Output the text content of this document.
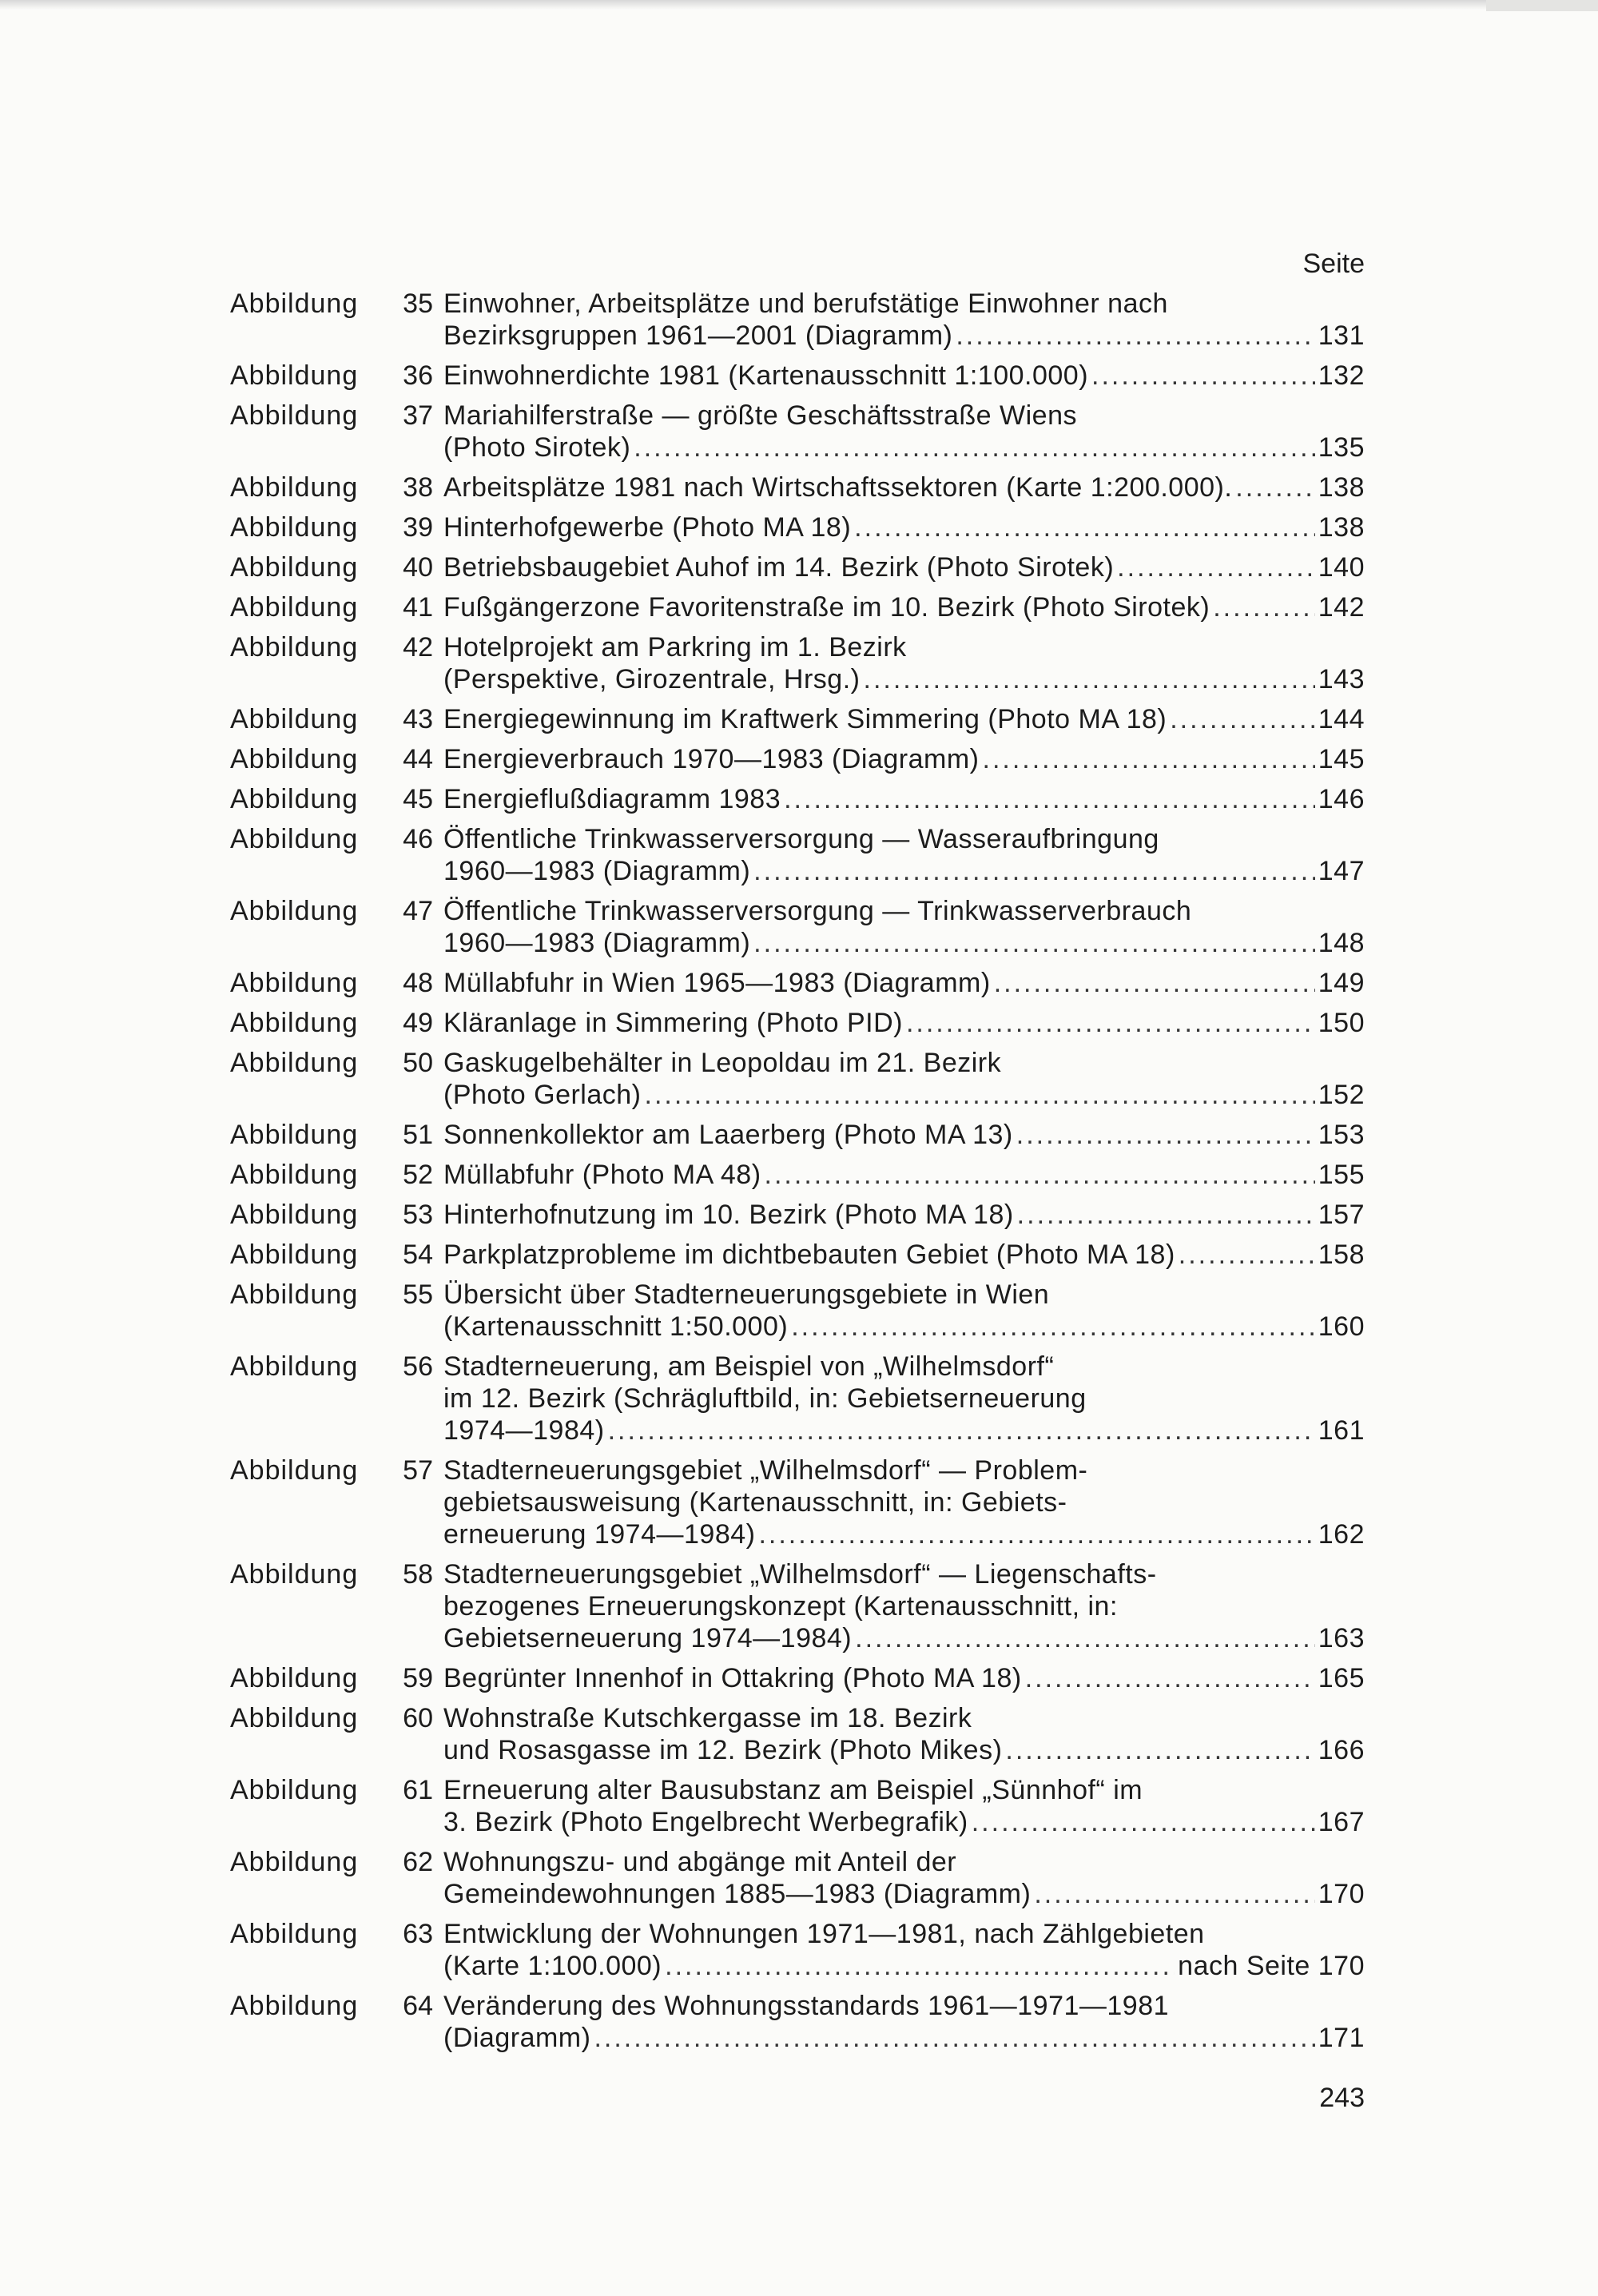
Seite
Abbildung	35 Einwohner, Arbeitsplätze und berufstätige Einwohner nach
Bezirksgruppen 1961—2001 (Diagramm) .....	131
Abbildung	36 Einwohnerdichte 1981 (Kartenausschnitt 1:100.000) .....	132
Abbildung	37 Mariahilferstraße — größte Geschäftsstraße Wiens
(Photo Sirotek) .....	135
Abbildung	38 Arbeitsplätze 1981 nach Wirtschaftssektoren (Karte 1:200.000). .....	138
Abbildung	39 Hinterhofgewerbe (Photo MA 18) .....	138
Abbildung	40 Betriebsbaugebiet Auhof im 14. Bezirk (Photo Sirotek) .....	140
Abbildung	41 Fußgängerzone Favoritenstraße im 10. Bezirk (Photo Sirotek) .....	142
Abbildung	42 Hotelprojekt am Parkring im 1. Bezirk
(Perspektive, Girozentrale, Hrsg.) .....	143
Abbildung	43 Energiegewinnung im Kraftwerk Simmering (Photo MA 18) .....	144
Abbildung	44 Energieverbrauch 1970—1983 (Diagramm) .....	145
Abbildung	45 Energieflußdiagramm 1983 .....	146
Abbildung	46 Öffentliche Trinkwasserversorgung — Wasseraufbringung
1960—1983 (Diagramm) .....	147
Abbildung	47 Öffentliche Trinkwasserversorgung — Trinkwasserverbrauch
1960—1983 (Diagramm) .....	148
Abbildung	48 Müllabfuhr in Wien 1965—1983 (Diagramm) .....	149
Abbildung	49 Kläranlage in Simmering (Photo PID) .....	150
Abbildung	50 Gaskugelbehälter in Leopoldau im 21. Bezirk
(Photo Gerlach) .....	152
Abbildung	51 Sonnenkollektor am Laaerberg (Photo MA 13) .....	153
Abbildung	52 Müllabfuhr (Photo MA 48) .....	155
Abbildung	53 Hinterhofnutzung im 10. Bezirk (Photo MA 18) .....	157
Abbildung	54 Parkplatzprobleme im dichtbebauten Gebiet (Photo MA 18) .....	158
Abbildung	55 Übersicht über Stadterneuerungsgebiete in Wien
(Kartenausschnitt 1:50.000) .....	160
Abbildung	56 Stadterneuerung, am Beispiel von „Wilhelmsdorf“
im 12. Bezirk (Schrägluftbild, in: Gebietserneuerung
1974—1984) .....	161
Abbildung	57 Stadterneuerungsgebiet „Wilhelmsdorf“ — Problem-
gebietsausweisung (Kartenausschnitt, in: Gebiets-
erneuerung 1974—1984) .....	162
Abbildung	58 Stadterneuerungsgebiet „Wilhelmsdorf“ — Liegenschafts-
bezogenes Erneuerungskonzept (Kartenausschnitt, in:
Gebietserneuerung 1974—1984) .....	163
Abbildung	59 Begrünter Innenhof in Ottakring (Photo MA 18) .....	165
Abbildung	60 Wohnstraße Kutschkergasse im 18. Bezirk
und Rosasgasse im 12. Bezirk (Photo Mikes) .....	166
Abbildung	61 Erneuerung alter Bausubstanz am Beispiel „Sünnhof“ im
3. Bezirk (Photo Engelbrecht Werbegrafik) .....	167
Abbildung	62 Wohnungszu- und abgänge mit Anteil der
Gemeindewohnungen 1885—1983 (Diagramm) .....	170
Abbildung	63 Entwicklung der Wohnungen 1971—1981, nach Zählgebieten
(Karte 1:100.000) .....	nach Seite 170
Abbildung	64 Veränderung des Wohnungsstandards 1961—1971—1981
(Diagramm) .....	171
243
